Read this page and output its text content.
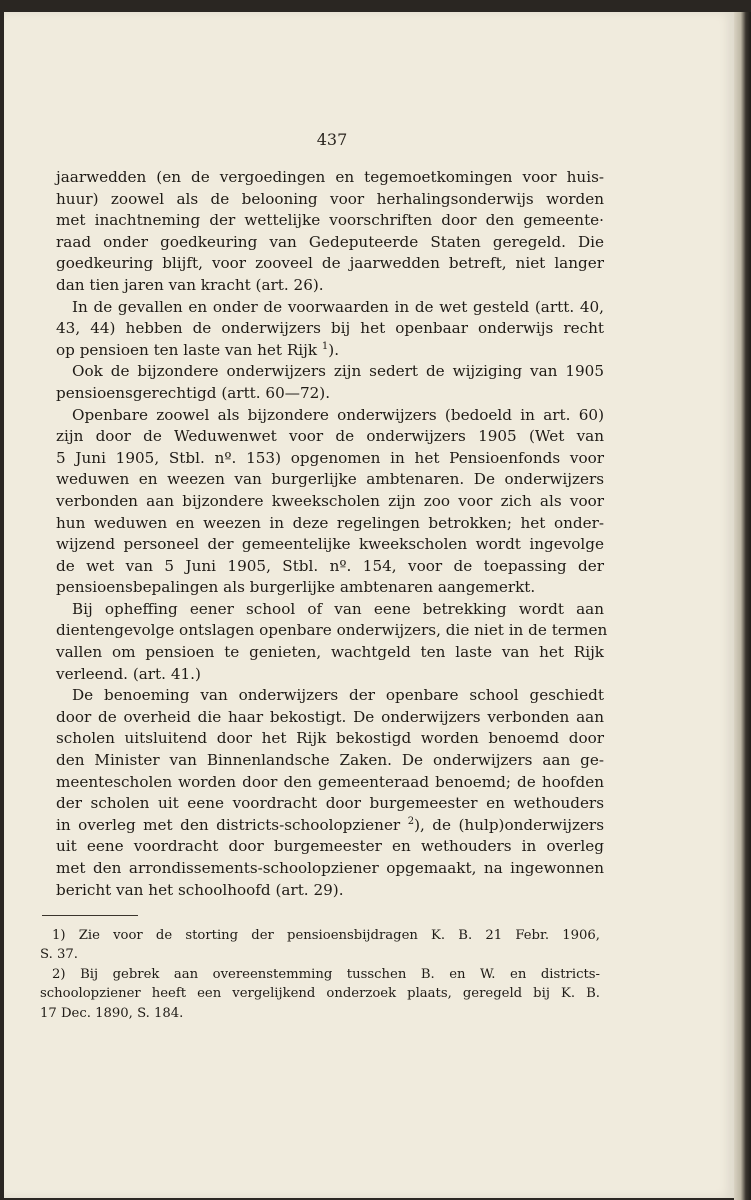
437
jaarwedden (en de vergoedingen en tegemoetkomingen voor huis-
huur) zoowel als de belooning voor herhalingsonderwijs worden
met inachtneming der wettelijke voorschriften door den gemeente·
raad onder goedkeuring van Gedeputeerde Staten geregeld. Die
goedkeuring blijft, voor zooveel de jaarwedden betreft, niet langer
dan tien jaren van kracht (art. 26).
In de gevallen en onder de voorwaarden in de wet gesteld (artt. 40,
43, 44) hebben de onderwijzers bij het openbaar onderwijs recht
op pensioen ten laste van het Rijk $^1$).
Ook de bijzondere onderwijzers zijn sedert de wijziging van 1905
pensioensgerechtigd (artt. 60—72).
Openbare zoowel als bijzondere onderwijzers (bedoeld in art. 60)
zijn door de Weduwenwet voor de onderwijzers 1905 (Wet van
5 Juni 1905, Stbl. nº. 153) opgenomen in het Pensioenfonds voor
weduwen en weezen van burgerlijke ambtenaren. De onderwijzers
verbonden aan bijzondere kweekscholen zijn zoo voor zich als voor
hun weduwen en weezen in deze regelingen betrokken; het onder-
wijzend personeel der gemeentelijke kweekscholen wordt ingevolge
de wet van 5 Juni 1905, Stbl. nº. 154, voor de toepassing der
pensioensbepalingen als burgerlijke ambtenaren aangemerkt.
Bij opheffing eener school of van eene betrekking wordt aan
dientengevolge ontslagen openbare onderwijzers, die niet in de termen
vallen om pensioen te genieten, wachtgeld ten laste van het Rijk
verleend. (art. 41.)
De benoeming van onderwijzers der openbare school geschiedt
door de overheid die haar bekostigt. De onderwijzers verbonden aan
scholen uitsluitend door het Rijk bekostigd worden benoemd door
den Minister van Binnenlandsche Zaken. De onderwijzers aan ge-
meentescholen worden door den gemeenteraad benoemd; de hoofden
der scholen uit eene voordracht door burgemeester en wethouders
in overleg met den districts-schoolopziener $^2$), de (hulp)onderwijzers
uit eene voordracht door burgemeester en wethouders in overleg
met den arrondissements-schoolopziener opgemaakt, na ingewonnen
bericht van het schoolhoofd (art. 29).
1) Zie voor de storting der pensioensbijdragen K. B. 21 Febr. 1906,
S. 37.
2) Bij gebrek aan overeenstemming tusschen B. en W. en districts-
schoolopziener heeft een vergelijkend onderzoek plaats, geregeld bij K. B.
17 Dec. 1890, S. 184.
